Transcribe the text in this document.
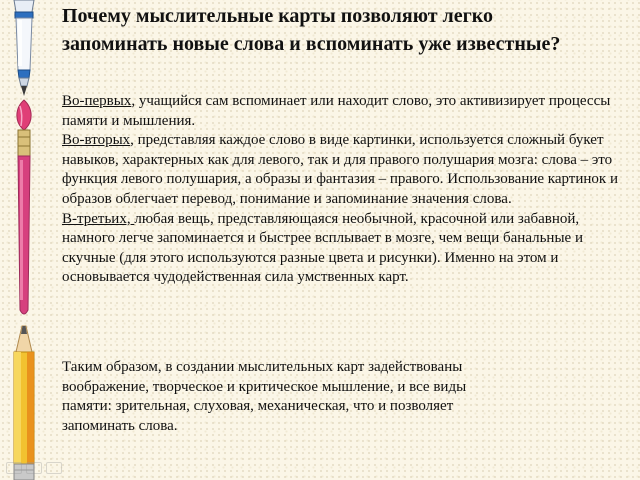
Почему мыслительные карты позволяют легко запоминать новые слова и вспоминать уже известные?

Во-первых, учащийся сам вспоминает или находит слово, это активизирует процессы памяти и мышления.

Во-вторых, представляя каждое слово в виде картинки, используется сложный букет навыков, характерных как для левого, так и для правого полушария мозга: слова – это функция левого полушария, а образы и фантазия – правого. Использование картинок и образов облегчает перевод, понимание и запоминание значения слова.

В-третьих, любая вещь, представляющаяся необычной, красочной или забавной, намного легче запоминается и быстрее всплывает в мозге, чем вещи банальные и скучные (для этого используются разные цвета и рисунки). Именно на этом и основывается чудодейственная сила умственных карт.

Таким образом, в создании мыслительных карт задействованы воображение, творческое и критическое мышление, и все виды памяти: зрительная, слуховая, механическая, что и позволяет запоминать слова.
